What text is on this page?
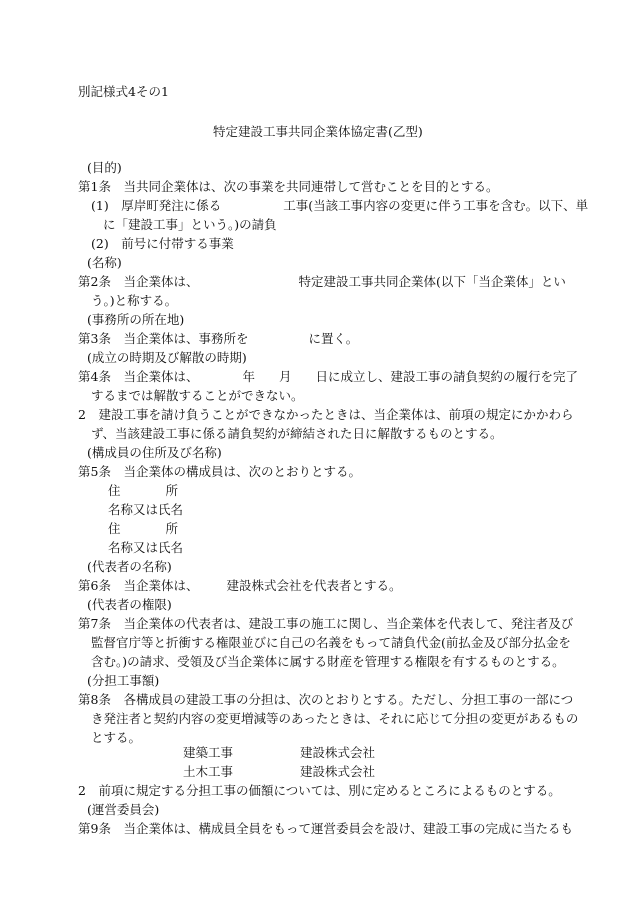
別記様式4その1
特定建設工事共同企業体協定書(乙型)
(目的)
第1条　当共同企業体は、次の事業を共同連帯して営むことを目的とする。
(1)　厚岸町発注に係る	工事(当該工事内容の変更に伴う工事を含む。以下、単
に「建設工事」という。)の請負
(2)　前号に付帯する事業
(名称)
第2条　当企業体は、	特定建設工事共同企業体(以下「当企業体」とい
う。)と称する。
(事務所の所在地)
第3条　当企業体は、事務所を	に置く。
(成立の時期及び解散の時期)
第4条　当企業体は、	年 月 日に成立し、建設工事の請負契約の履行を完了
するまでは解散することができない。
2　建設工事を請け負うことができなかったときは、当企業体は、前項の規定にかかわら
ず、当該建設工事に係る請負契約が締結された日に解散するものとする。
(構成員の住所及び名称)
第5条　当企業体の構成員は、次のとおりとする。
住	所
名称又は氏名
住	所
名称又は氏名
(代表者の名称)
第6条　当企業体は、 建設株式会社を代表者とする。
(代表者の権限)
第7条　当企業体の代表者は、建設工事の施工に関し、当企業体を代表して、発注者及び
監督官庁等と折衝する権限並びに自己の名義をもって請負代金(前払金及び部分払金を
含む。)の請求、受領及び当企業体に属する財産を管理する権限を有するものとする。
(分担工事額)
第8条　各構成員の建設工事の分担は、次のとおりとする。ただし、分担工事の一部につ
き発注者と契約内容の変更増減等のあったときは、それに応じて分担の変更があるもの
とする。
建築工事	建設株式会社
土木工事	建設株式会社
2　前項に規定する分担工事の価額については、別に定めるところによるものとする。
(運営委員会)
第9条　当企業体は、構成員全員をもって運営委員会を設け、建設工事の完成に当たるも
